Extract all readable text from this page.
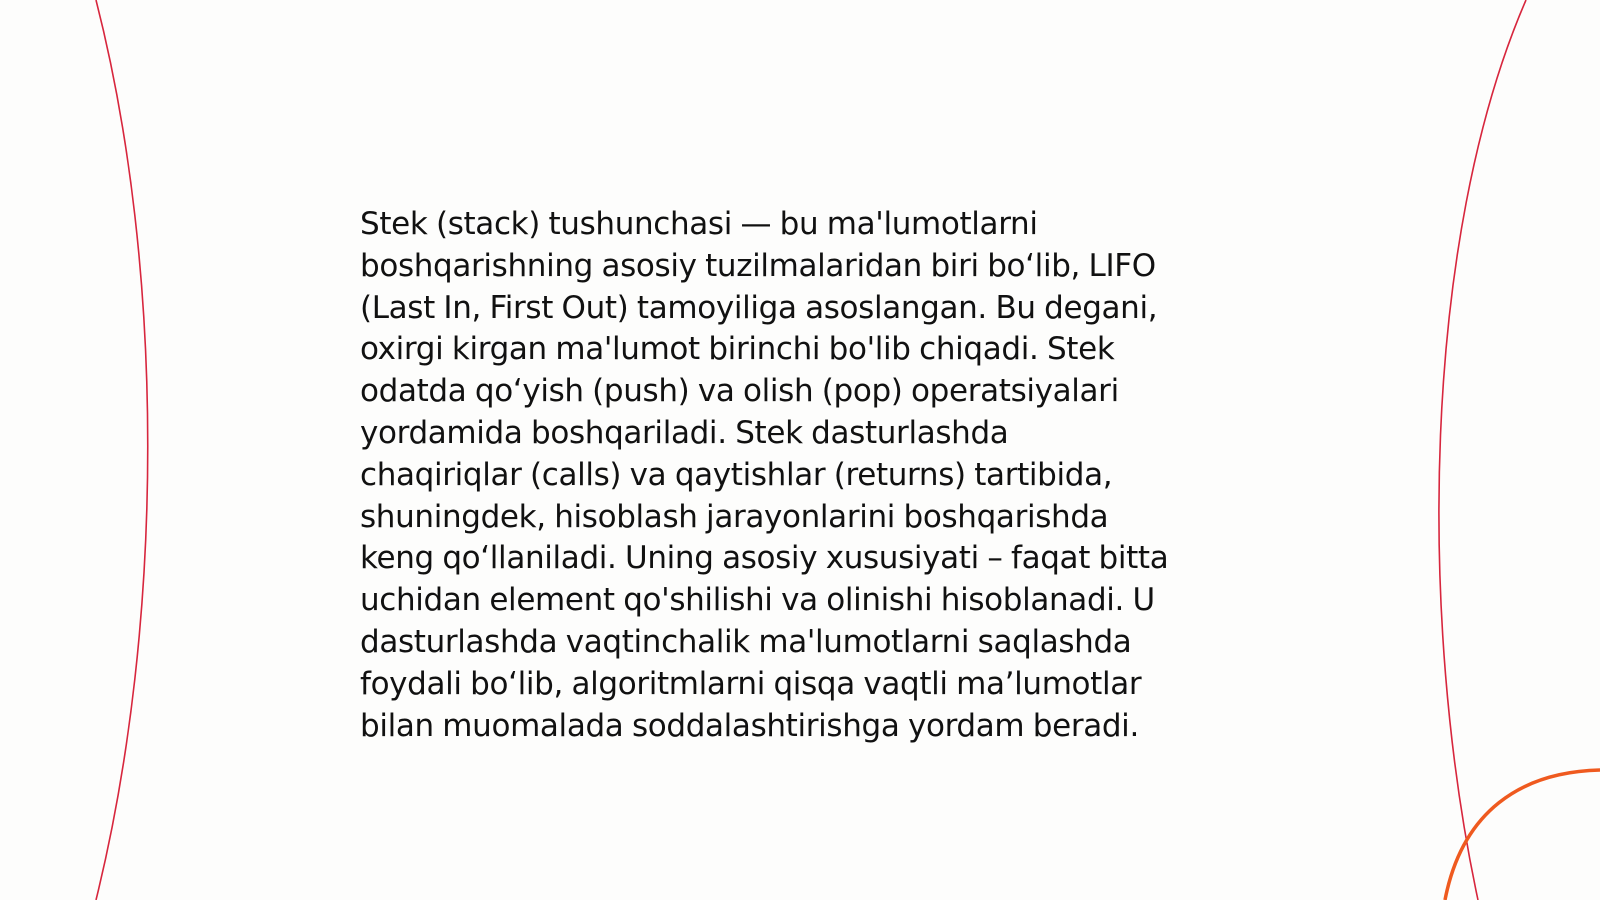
Stek (stack) tushunchasi — bu ma'lumotlarni
boshqarishning asosiy tuzilmalaridan biri bo‘lib, LIFO
(Last In, First Out) tamoyiliga asoslangan. Bu degani,
oxirgi kirgan ma'lumot birinchi bo'lib chiqadi. Stek
odatda qo‘yish (push) va olish (pop) operatsiyalari
yordamida boshqariladi. Stek dasturlashda
chaqiriqlar (calls) va qaytishlar (returns) tartibida,
shuningdek, hisoblash jarayonlarini boshqarishda
keng qo‘llaniladi. Uning asosiy xususiyati – faqat bitta
uchidan element qo'shilishi va olinishi hisoblanadi. U
dasturlashda vaqtinchalik ma'lumotlarni saqlashda
foydali bo‘lib, algoritmlarni qisqa vaqtli ma’lumotlar
bilan muomalada soddalashtirishga yordam beradi.
